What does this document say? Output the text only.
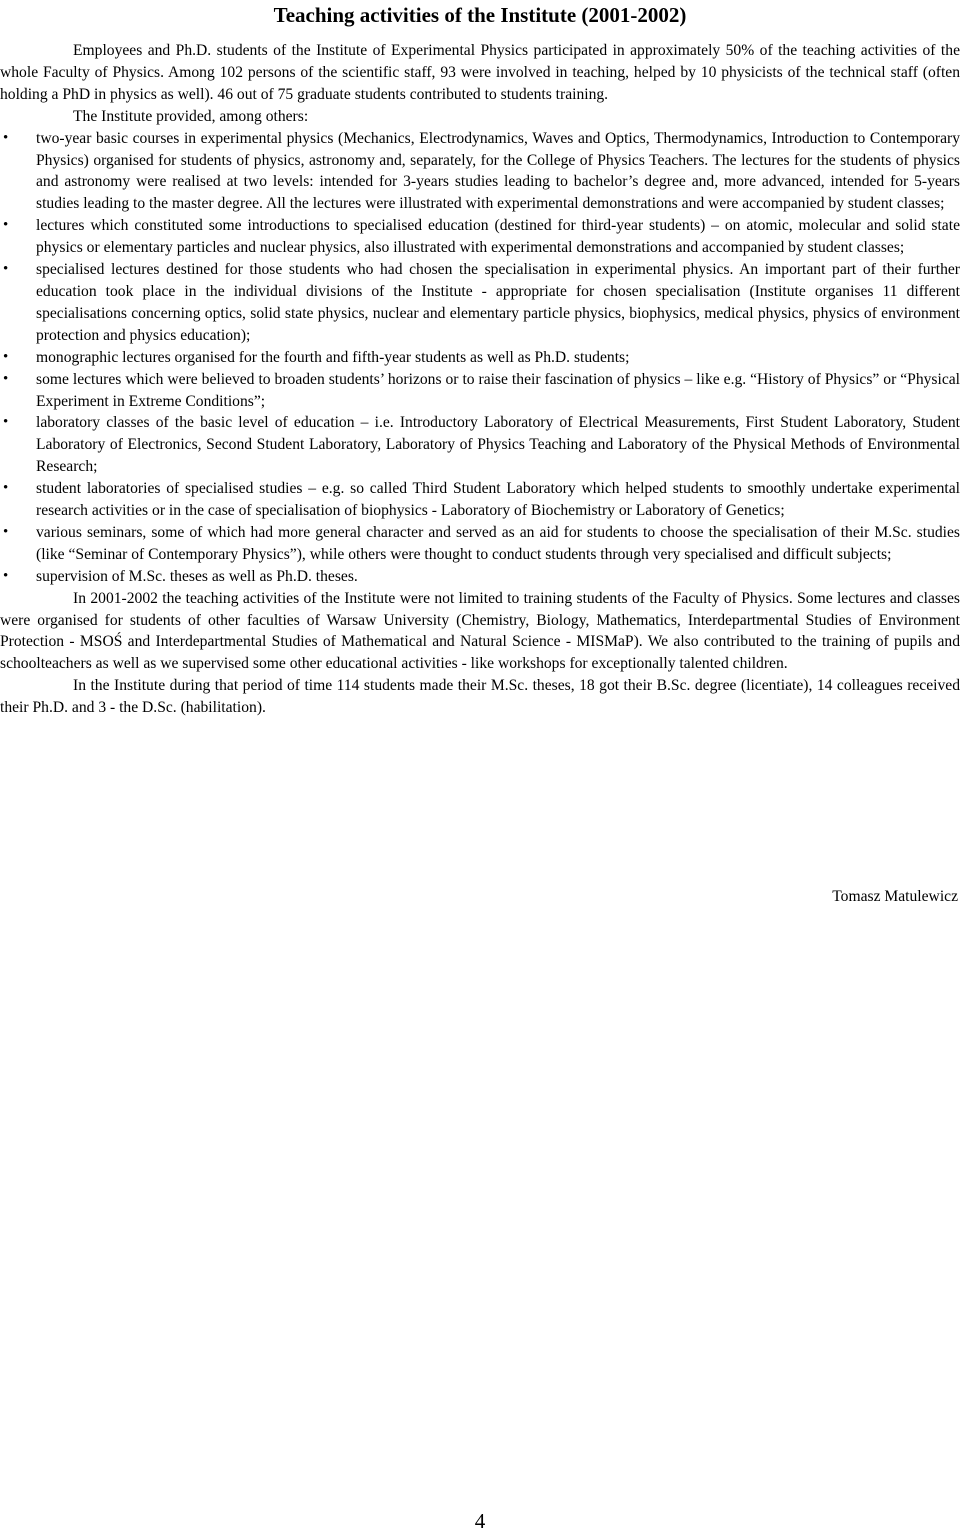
Teaching activities of the Institute (2001-2002)

Employees and Ph.D. students of the Institute of Experimental Physics participated in approximately 50% of the teaching activities of the whole Faculty of Physics. Among 102 persons of the scientific staff, 93 were involved in teaching, helped by 10 physicists of the technical staff (often holding a PhD in physics as well). 46 out of 75 graduate students contributed to students training.

The Institute provided, among others:

• two-year basic courses in experimental physics (Mechanics, Electrodynamics, Waves and Optics, Thermodynamics, Introduction to Contemporary Physics) organised for students of physics, astronomy and, separately, for the College of Physics Teachers. The lectures for the students of physics and astronomy were realised at two levels: intended for 3-years studies leading to bachelor’s degree and, more advanced, intended for 5-years studies leading to the master degree. All the lectures were illustrated with experimental demonstrations and were accompanied by student classes;
• lectures which constituted some introductions to specialised education (destined for third-year students) – on atomic, molecular and solid state physics or elementary particles and nuclear physics, also illustrated with experimental demonstrations and accompanied by student classes;
• specialised lectures destined for those students who had chosen the specialisation in experimental physics. An important part of their further education took place in the individual divisions of the Institute - appropriate for chosen specialisation (Institute organises 11 different specialisations concerning optics, solid state physics, nuclear and elementary particle physics, biophysics, medical physics, physics of environment protection and physics education);
• monographic lectures organised for the fourth and fifth-year students as well as Ph.D. students;
• some lectures which were believed to broaden students’ horizons or to raise their fascination of physics – like e.g. “History of Physics” or “Physical Experiment in Extreme Conditions”;
• laboratory classes of the basic level of education – i.e. Introductory Laboratory of Electrical Measurements, First Student Laboratory, Student Laboratory of Electronics, Second Student Laboratory, Laboratory of Physics Teaching and Laboratory of the Physical Methods of Environmental Research;
• student laboratories of specialised studies – e.g. so called Third Student Laboratory which helped students to smoothly undertake experimental research activities or in the case of specialisation of biophysics - Laboratory of Biochemistry or Laboratory of Genetics;
• various seminars, some of which had more general character and served as an aid for students to choose the specialisation of their M.Sc. studies (like “Seminar of Contemporary Physics”), while others were thought to conduct students through very specialised and difficult subjects;
• supervision of M.Sc. theses as well as Ph.D. theses.

In 2001-2002 the teaching activities of the Institute were not limited to training students of the Faculty of Physics. Some lectures and classes were organised for students of other faculties of Warsaw University (Chemistry, Biology, Mathematics, Interdepartmental Studies of Environment Protection - MSOŚ and Interdepartmental Studies of Mathematical and Natural Science - MISMaP). We also contributed to the training of pupils and schoolteachers as well as we supervised some other educational activities - like workshops for exceptionally talented children.

In the Institute during that period of time 114 students made their M.Sc. theses, 18 got their B.Sc. degree (licentiate), 14 colleagues received their Ph.D. and 3 - the D.Sc. (habilitation).

Tomasz Matulewicz

4
